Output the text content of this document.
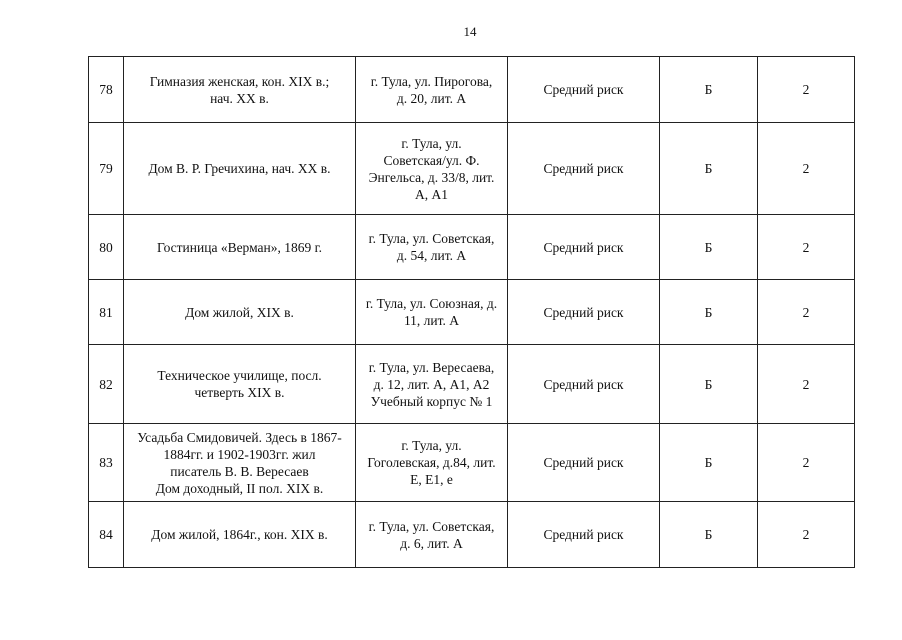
14
78	Гимназия женская, кон. XIX в.;
нач. XX в.	г. Тула, ул. Пирогова,
д. 20, лит. А	Средний риск	Б	2
79	Дом В. Р. Гречихина, нач. XX в.	г. Тула, ул.
Советская/ул. Ф.
Энгельса, д. 33/8, лит.
А, А1	Средний риск	Б	2
80	Гостиница «Верман», 1869 г.	г. Тула, ул. Советская,
д. 54, лит. А	Средний риск	Б	2
81	Дом жилой, XIX в.	г. Тула, ул. Союзная, д.
11, лит. А	Средний риск	Б	2
82	Техническое училище, посл.
четверть XIX в.	г. Тула, ул. Вересаева,
д. 12, лит. А, А1, А2
Учебный корпус № 1	Средний риск	Б	2
83	Усадьба Смидовичей. Здесь в 1867-
1884гг. и 1902-1903гг. жил
писатель В. В. Вересаев
Дом доходный, II пол. XIX в.	г. Тула, ул.
Гоголевская, д.84, лит.
Е, Е1, е	Средний риск	Б	2
84	Дом жилой, 1864г., кон. XIX в.	г. Тула, ул. Советская,
д. 6, лит. А	Средний риск	Б	2
